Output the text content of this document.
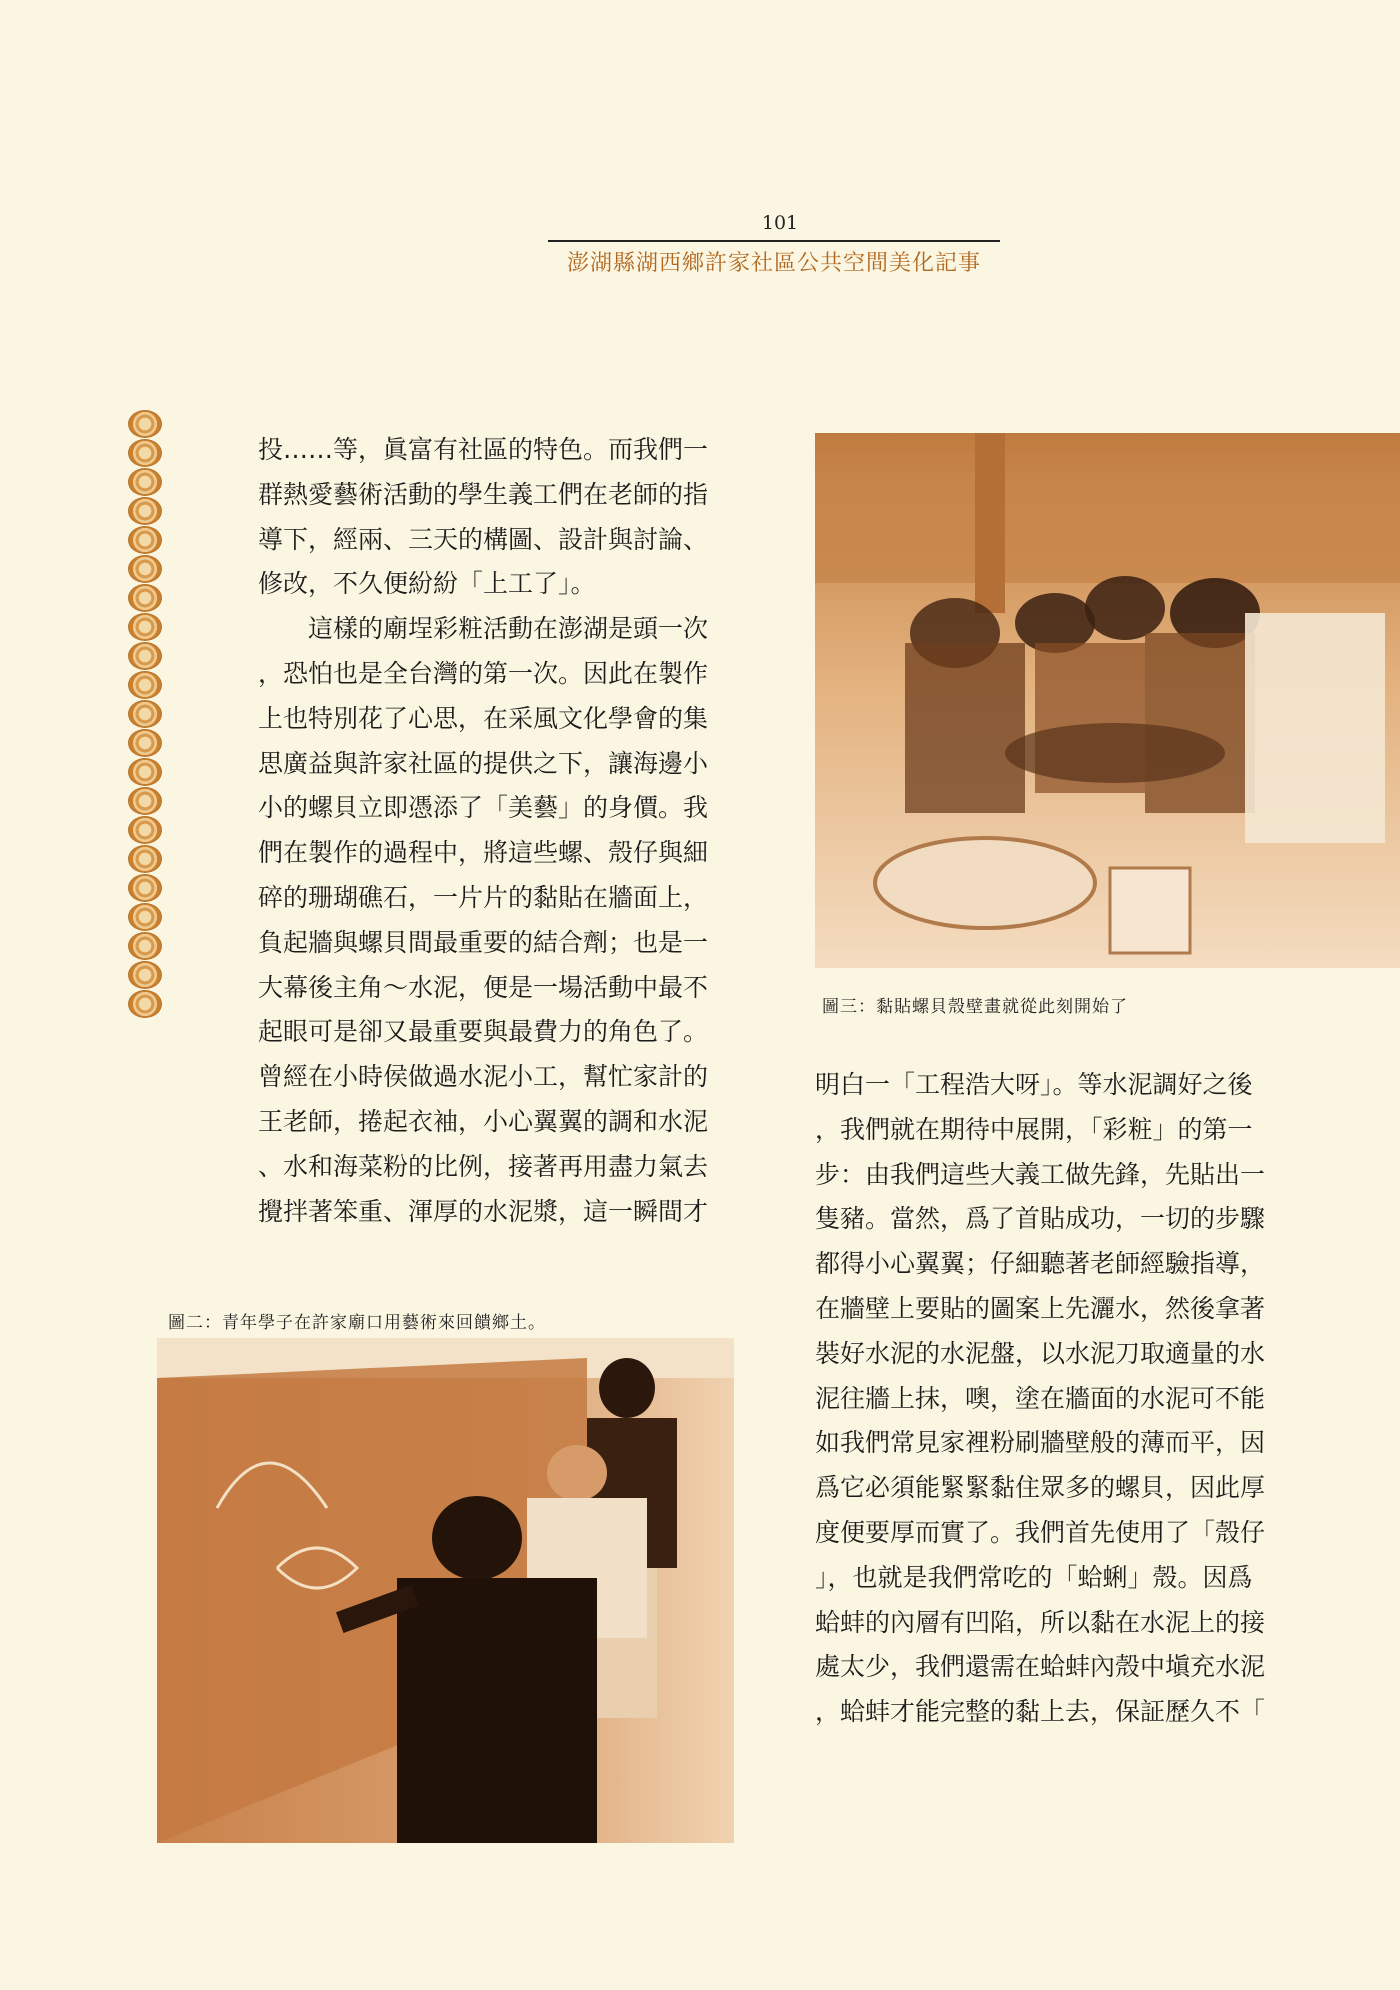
101
澎湖縣湖西鄉許家社區公共空間美化記事
投……等，眞富有社區的特色。而我們一
群熱愛藝術活動的學生義工們在老師的指
導下，經兩、三天的構圖、設計與討論、
修改，不久便紛紛「上工了」。
　　這樣的廟埕彩粧活動在澎湖是頭一次
，恐怕也是全台灣的第一次。因此在製作
上也特別花了心思，在采風文化學會的集
思廣益與許家社區的提供之下，讓海邊小
小的螺貝立即憑添了「美藝」的身價。我
們在製作的過程中，將這些螺、殼仔與細
碎的珊瑚礁石，一片片的黏貼在牆面上，
負起牆與螺貝間最重要的結合劑；也是一
大幕後主角～水泥，便是一場活動中最不
起眼可是卻又最重要與最費力的角色了。
曾經在小時侯做過水泥小工，幫忙家計的
王老師，捲起衣袖，小心翼翼的調和水泥
、水和海菜粉的比例，接著再用盡力氣去
攪拌著笨重、渾厚的水泥漿，這一瞬間才
圖三：黏貼螺貝殼壁畫就從此刻開始了
明白一「工程浩大呀」。等水泥調好之後
，我們就在期待中展開，「彩粧」的第一
步：由我們這些大義工做先鋒，先貼出一
隻豬。當然，爲了首貼成功，一切的步驟
都得小心翼翼；仔細聽著老師經驗指導，
在牆壁上要貼的圖案上先灑水，然後拿著
裝好水泥的水泥盤，以水泥刀取適量的水
泥往牆上抹，噢，塗在牆面的水泥可不能
如我們常見家裡粉刷牆壁般的薄而平，因
爲它必須能緊緊黏住眾多的螺貝，因此厚
度便要厚而實了。我們首先使用了「殼仔
」，也就是我們常吃的「蛤蜊」殼。因爲
蛤蚌的內層有凹陷，所以黏在水泥上的接
處太少，我們還需在蛤蚌內殼中塡充水泥
，蛤蚌才能完整的黏上去，保証歷久不「
圖二：青年學子在許家廟口用藝術來回饋鄉土。
